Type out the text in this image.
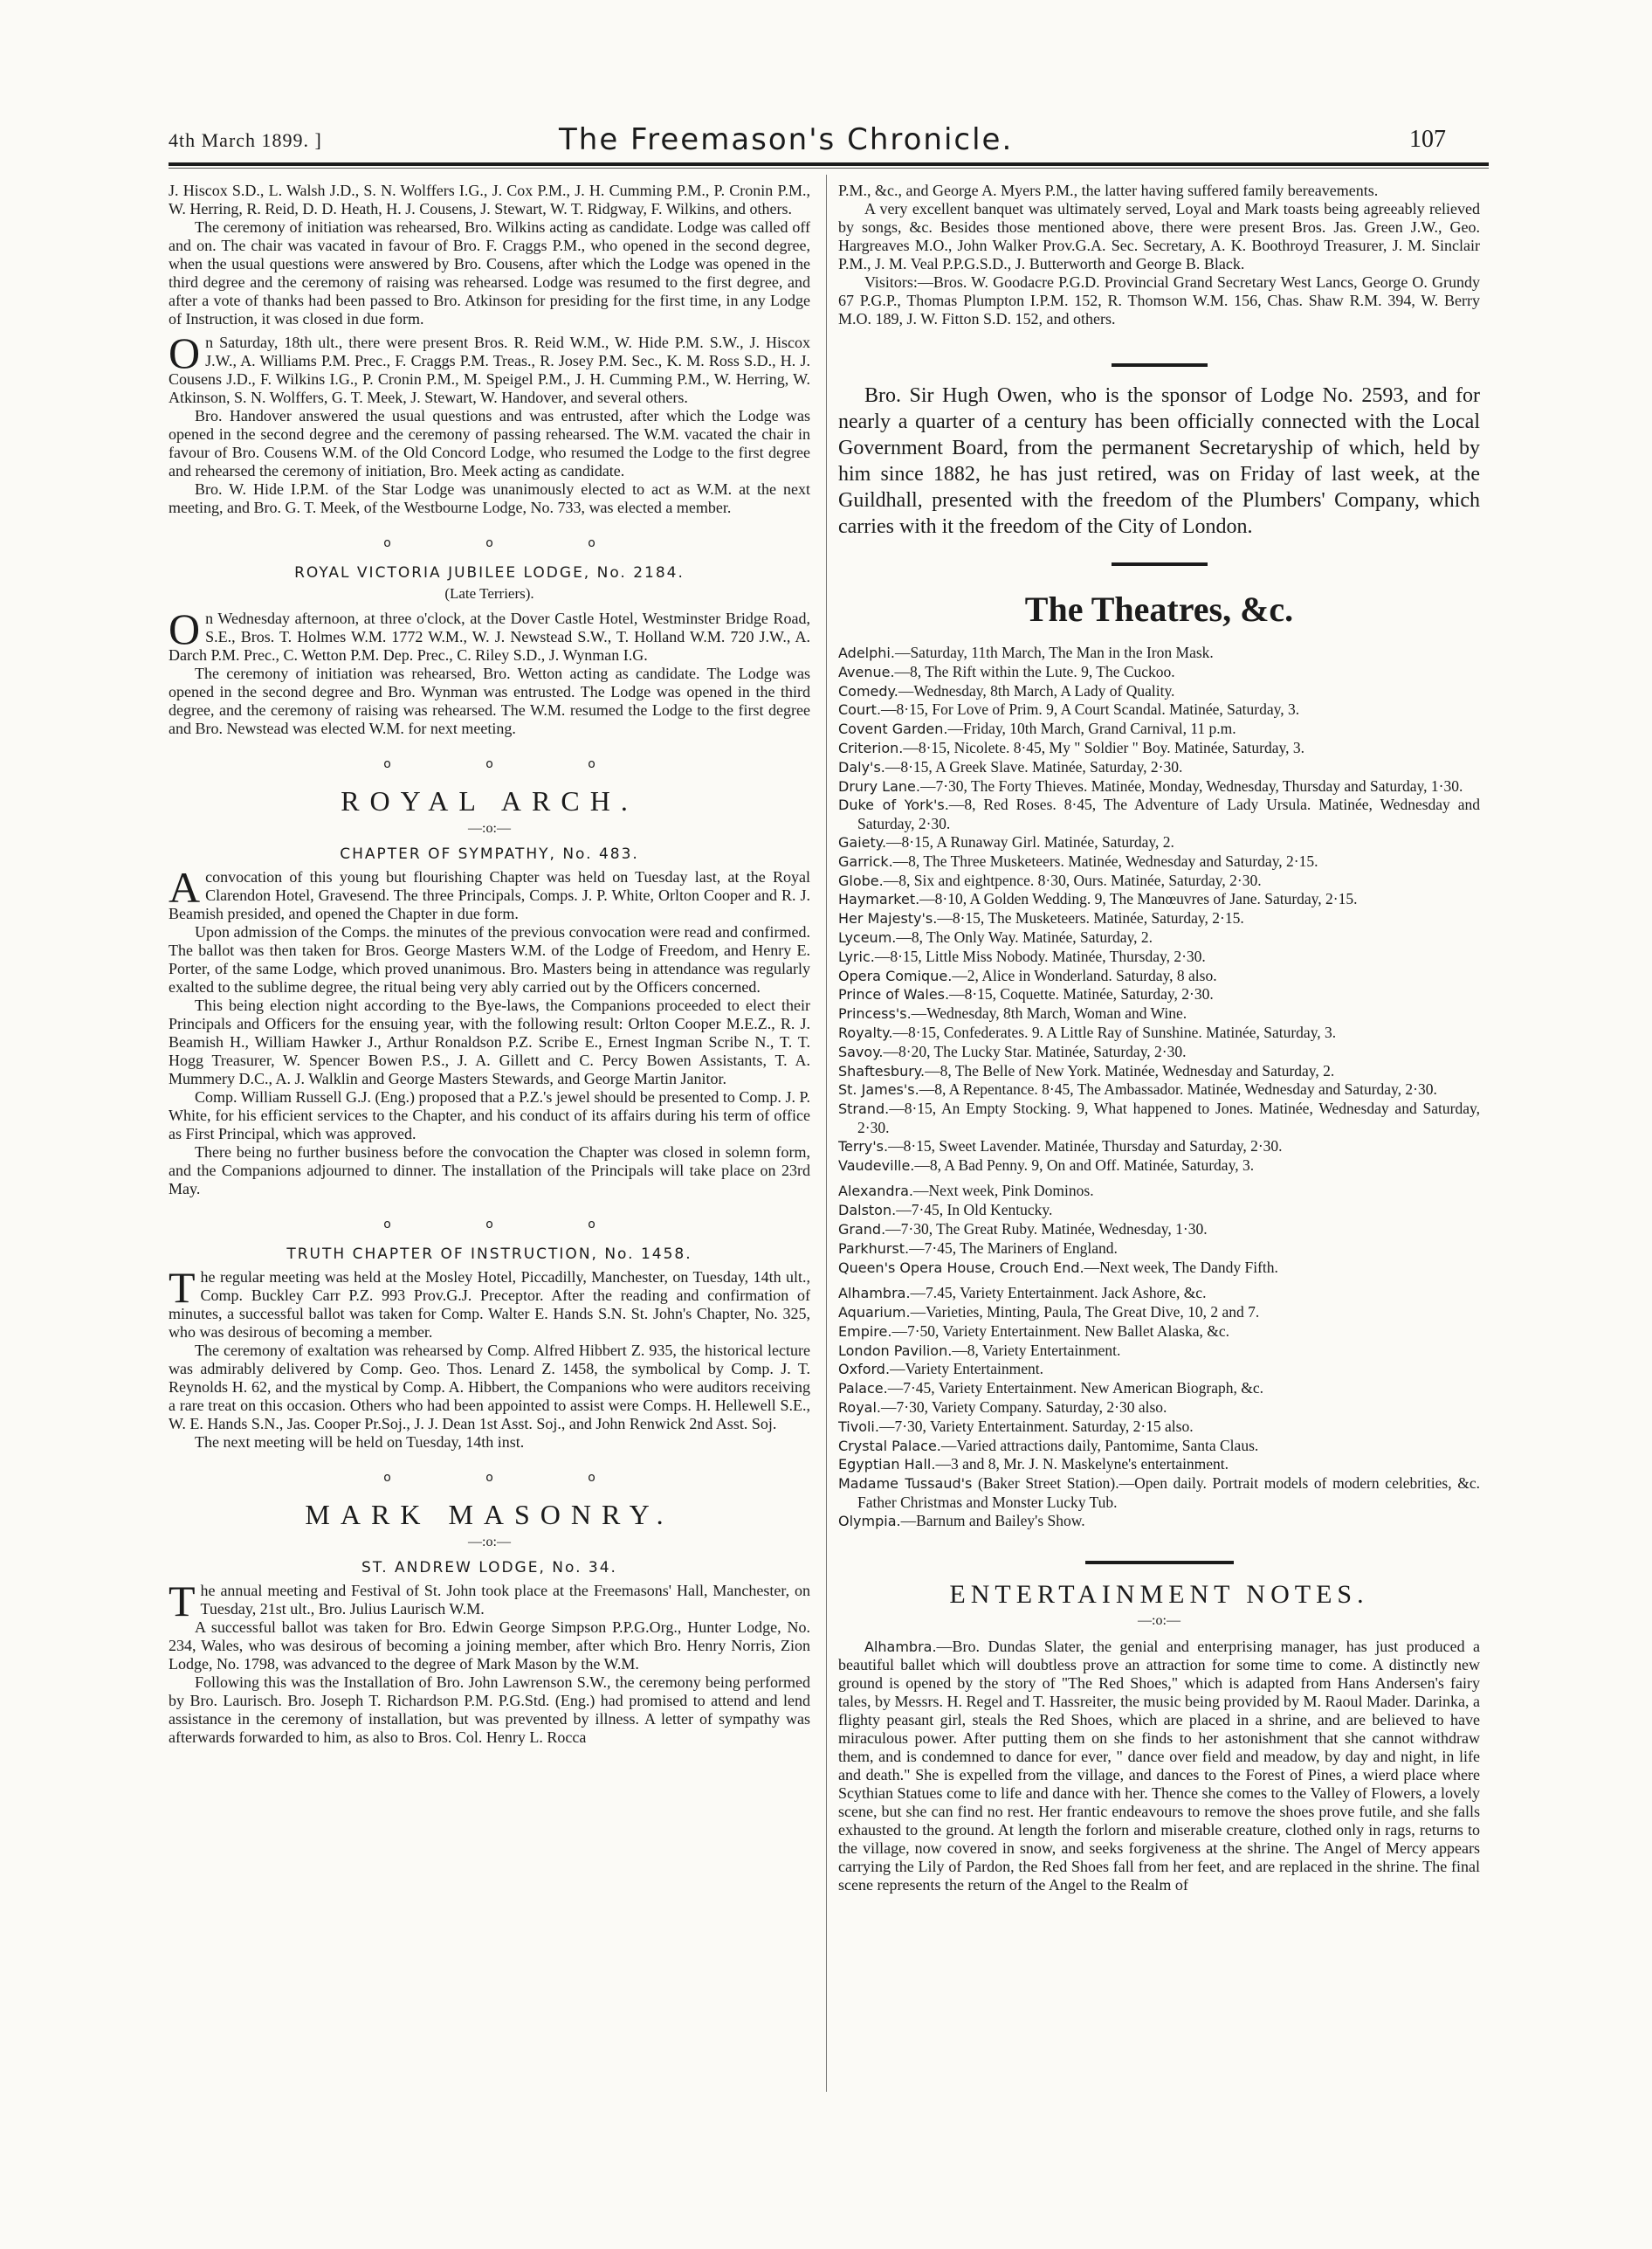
4th March 1899. ]	The Freemason's Chronicle.	107

J. Hiscox S.D., L. Walsh J.D., S. N. Wolffers I.G., J. Cox P.M., J. H. Cumming P.M., P. Cronin P.M., W. Herring, R. Reid, D. D. Heath, H. J. Cousens, J. Stewart, W. T. Ridgway, F. Wilkins, and others.

The ceremony of initiation was rehearsed, Bro. Wilkins acting as candidate. Lodge was called off and on. The chair was vacated in favour of Bro. F. Craggs P.M., who opened in the second degree, when the usual questions were answered by Bro. Cousens, after which the Lodge was opened in the third degree and the ceremony of raising was rehearsed. Lodge was resumed to the first degree, and after a vote of thanks had been passed to Bro. Atkinson for presiding for the first time, in any Lodge of Instruction, it was closed in due form.

On Saturday, 18th ult., there were present Bros. R. Reid W.M., W. Hide P.M. S.W., J. Hiscox J.W., A. Williams P.M. Prec., F. Craggs P.M. Treas., R. Josey P.M. Sec., K. M. Ross S.D., H. J. Cousens J.D., F. Wilkins I.G., P. Cronin P.M., M. Speigel P.M., J. H. Cumming P.M., W. Herring, W. Atkinson, S. N. Wolffers, G. T. Meek, J. Stewart, W. Handover, and several others.

Bro. Handover answered the usual questions and was entrusted, after which the Lodge was opened in the second degree and the ceremony of passing rehearsed. The W.M. vacated the chair in favour of Bro. Cousens W.M. of the Old Concord Lodge, who resumed the Lodge to the first degree and rehearsed the ceremony of initiation, Bro. Meek acting as candidate.

Bro. W. Hide I.P.M. of the Star Lodge was unanimously elected to act as W.M. at the next meeting, and Bro. G. T. Meek, of the Westbourne Lodge, No. 733, was elected a member.

o o o
ROYAL VICTORIA JUBILEE LODGE, No. 2184.
(Late Terriers).

On Wednesday afternoon, at three o'clock, at the Dover Castle Hotel, Westminster Bridge Road, S.E., Bros. T. Holmes W.M. 1772 W.M., W. J. Newstead S.W., T. Holland W.M. 720 J.W., A. Darch P.M. Prec., C. Wetton P.M. Dep. Prec., C. Riley S.D., J. Wynman I.G.

The ceremony of initiation was rehearsed, Bro. Wetton acting as candidate. The Lodge was opened in the second degree and Bro. Wynman was entrusted. The Lodge was opened in the third degree, and the ceremony of raising was rehearsed. The W.M. resumed the Lodge to the first degree and Bro. Newstead was elected W.M. for next meeting.

o o o
ROYAL ARCH.
—:o:—
CHAPTER OF SYMPATHY, No. 483.

Aconvocation of this young but flourishing Chapter was held on Tuesday last, at the Royal Clarendon Hotel, Gravesend. The three Principals, Comps. J. P. White, Orlton Cooper and R. J. Beamish presided, and opened the Chapter in due form.

Upon admission of the Comps. the minutes of the previous convocation were read and confirmed. The ballot was then taken for Bros. George Masters W.M. of the Lodge of Freedom, and Henry E. Porter, of the same Lodge, which proved unanimous. Bro. Masters being in attendance was regularly exalted to the sublime degree, the ritual being very ably carried out by the Officers concerned.

This being election night according to the Bye-laws, the Companions proceeded to elect their Principals and Officers for the ensuing year, with the following result: Orlton Cooper M.E.Z., R. J. Beamish H., William Hawker J., Arthur Ronaldson P.Z. Scribe E., Ernest Ingman Scribe N., T. T. Hogg Treasurer, W. Spencer Bowen P.S., J. A. Gillett and C. Percy Bowen Assistants, T. A. Mummery D.C., A. J. Walklin and George Masters Stewards, and George Martin Janitor.

Comp. William Russell G.J. (Eng.) proposed that a P.Z.'s jewel should be presented to Comp. J. P. White, for his efficient services to the Chapter, and his conduct of its affairs during his term of office as First Principal, which was approved.

There being no further business before the convocation the Chapter was closed in solemn form, and the Companions adjourned to dinner. The installation of the Principals will take place on 23rd May.

o o o
TRUTH CHAPTER OF INSTRUCTION, No. 1458.

The regular meeting was held at the Mosley Hotel, Piccadilly, Manchester, on Tuesday, 14th ult., Comp. Buckley Carr P.Z. 993 Prov.G.J. Preceptor. After the reading and confirmation of minutes, a successful ballot was taken for Comp. Walter E. Hands S.N. St. John's Chapter, No. 325, who was desirous of becoming a member.

The ceremony of exaltation was rehearsed by Comp. Alfred Hibbert Z. 935, the historical lecture was admirably delivered by Comp. Geo. Thos. Lenard Z. 1458, the symbolical by Comp. J. T. Reynolds H. 62, and the mystical by Comp. A. Hibbert, the Companions who were auditors receiving a rare treat on this occasion. Others who had been appointed to assist were Comps. H. Hellewell S.E., W. E. Hands S.N., Jas. Cooper Pr.Soj., J. J. Dean 1st Asst. Soj., and John Renwick 2nd Asst. Soj.

The next meeting will be held on Tuesday, 14th inst.

o o o
MARK MASONRY.
—:o:—
ST. ANDREW LODGE, No. 34.

The annual meeting and Festival of St. John took place at the Freemasons' Hall, Manchester, on Tuesday, 21st ult., Bro. Julius Laurisch W.M.

A successful ballot was taken for Bro. Edwin George Simpson P.P.G.Org., Hunter Lodge, No. 234, Wales, who was desirous of becoming a joining member, after which Bro. Henry Norris, Zion Lodge, No. 1798, was advanced to the degree of Mark Mason by the W.M.

Following this was the Installation of Bro. John Lawrenson S.W., the ceremony being performed by Bro. Laurisch. Bro. Joseph T. Richardson P.M. P.G.Std. (Eng.) had promised to attend and lend assistance in the ceremony of installation, but was prevented by illness. A letter of sympathy was afterwards forwarded to him, as also to Bros. Col. Henry L. Rocca

P.M., &c., and George A. Myers P.M., the latter having suffered family bereavements.

A very excellent banquet was ultimately served, Loyal and Mark toasts being agreeably relieved by songs, &c. Besides those mentioned above, there were present Bros. Jas. Green J.W., Geo. Hargreaves M.O., John Walker Prov.G.A. Sec. Secretary, A. K. Boothroyd Treasurer, J. M. Sinclair P.M., J. M. Veal P.P.G.S.D., J. Butterworth and George B. Black.

Visitors:—Bros. W. Goodacre P.G.D. Provincial Grand Secretary West Lancs, George O. Grundy 67 P.G.P., Thomas Plumpton I.P.M. 152, R. Thomson W.M. 156, Chas. Shaw R.M. 394, W. Berry M.O. 189, J. W. Fitton S.D. 152, and others.

Bro. Sir Hugh Owen, who is the sponsor of Lodge No. 2593, and for nearly a quarter of a century has been officially connected with the Local Government Board, from the permanent Secretaryship of which, held by him since 1882, he has just retired, was on Friday of last week, at the Guildhall, presented with the freedom of the Plumbers' Company, which carries with it the freedom of the City of London.

The Theatres, &c.
Adelphi.—Saturday, 11th March, The Man in the Iron Mask.
Avenue.—8, The Rift within the Lute. 9, The Cuckoo.
Comedy.—Wednesday, 8th March, A Lady of Quality.
Court.—8·15, For Love of Prim. 9, A Court Scandal. Matinée, Saturday, 3.
Covent Garden.—Friday, 10th March, Grand Carnival, 11 p.m.
Criterion.—8·15, Nicolete. 8·45, My " Soldier " Boy. Matinée, Saturday, 3.
Daly's.—8·15, A Greek Slave. Matinée, Saturday, 2·30.
Drury Lane.—7·30, The Forty Thieves. Matinée, Monday, Wednesday, Thursday and Saturday, 1·30.
Duke of York's.—8, Red Roses. 8·45, The Adventure of Lady Ursula. Matinée, Wednesday and Saturday, 2·30.
Gaiety.—8·15, A Runaway Girl. Matinée, Saturday, 2.
Garrick.—8, The Three Musketeers. Matinée, Wednesday and Saturday, 2·15.
Globe.—8, Six and eightpence. 8·30, Ours. Matinée, Saturday, 2·30.
Haymarket.—8·10, A Golden Wedding. 9, The Manœuvres of Jane. Saturday, 2·15.
Her Majesty's.—8·15, The Musketeers. Matinée, Saturday, 2·15.
Lyceum.—8, The Only Way. Matinée, Saturday, 2.
Lyric.—8·15, Little Miss Nobody. Matinée, Thursday, 2·30.
Opera Comique.—2, Alice in Wonderland. Saturday, 8 also.
Prince of Wales.—8·15, Coquette. Matinée, Saturday, 2·30.
Princess's.—Wednesday, 8th March, Woman and Wine.
Royalty.—8·15, Confederates. 9. A Little Ray of Sunshine. Matinée, Saturday, 3.
Savoy.—8·20, The Lucky Star. Matinée, Saturday, 2·30.
Shaftesbury.—8, The Belle of New York. Matinée, Wednesday and Saturday, 2.
St. James's.—8, A Repentance. 8·45, The Ambassador. Matinée, Wednesday and Saturday, 2·30.
Strand.—8·15, An Empty Stocking. 9, What happened to Jones. Matinée, Wednesday and Saturday, 2·30.
Terry's.—8·15, Sweet Lavender. Matinée, Thursday and Saturday, 2·30.
Vaudeville.—8, A Bad Penny. 9, On and Off. Matinée, Saturday, 3.
Alexandra.—Next week, Pink Dominos.
Dalston.—7·45, In Old Kentucky.
Grand.—7·30, The Great Ruby. Matinée, Wednesday, 1·30.
Parkhurst.—7·45, The Mariners of England.
Queen's Opera House, Crouch End.—Next week, The Dandy Fifth.
Alhambra.—7.45, Variety Entertainment. Jack Ashore, &c.
Aquarium.—Varieties, Minting, Paula, The Great Dive, 10, 2 and 7.
Empire.—7·50, Variety Entertainment. New Ballet Alaska, &c.
London Pavilion.—8, Variety Entertainment.
Oxford.—Variety Entertainment.
Palace.—7·45, Variety Entertainment. New American Biograph, &c.
Royal.—7·30, Variety Company. Saturday, 2·30 also.
Tivoli.—7·30, Variety Entertainment. Saturday, 2·15 also.
Crystal Palace.—Varied attractions daily, Pantomime, Santa Claus.
Egyptian Hall.—3 and 8, Mr. J. N. Maskelyne's entertainment.
Madame Tussaud's (Baker Street Station).—Open daily. Portrait models of modern celebrities, &c. Father Christmas and Monster Lucky Tub.
Olympia.—Barnum and Bailey's Show.
ENTERTAINMENT NOTES.
—:o:—

Alhambra.—Bro. Dundas Slater, the genial and enterprising manager, has just produced a beautiful ballet which will doubtless prove an attraction for some time to come. A distinctly new ground is opened by the story of "The Red Shoes," which is adapted from Hans Andersen's fairy tales, by Messrs. H. Regel and T. Hassreiter, the music being provided by M. Raoul Mader. Darinka, a flighty peasant girl, steals the Red Shoes, which are placed in a shrine, and are believed to have miraculous power. After putting them on she finds to her astonishment that she cannot withdraw them, and is condemned to dance for ever, " dance over field and meadow, by day and night, in life and death." She is expelled from the village, and dances to the Forest of Pines, a wierd place where Scythian Statues come to life and dance with her. Thence she comes to the Valley of Flowers, a lovely scene, but she can find no rest. Her frantic endeavours to remove the shoes prove futile, and she falls exhausted to the ground. At length the forlorn and miserable creature, clothed only in rags, returns to the village, now covered in snow, and seeks forgiveness at the shrine. The Angel of Mercy appears carrying the Lily of Pardon, the Red Shoes fall from her feet, and are replaced in the shrine. The final scene represents the return of the Angel to the Realm of
